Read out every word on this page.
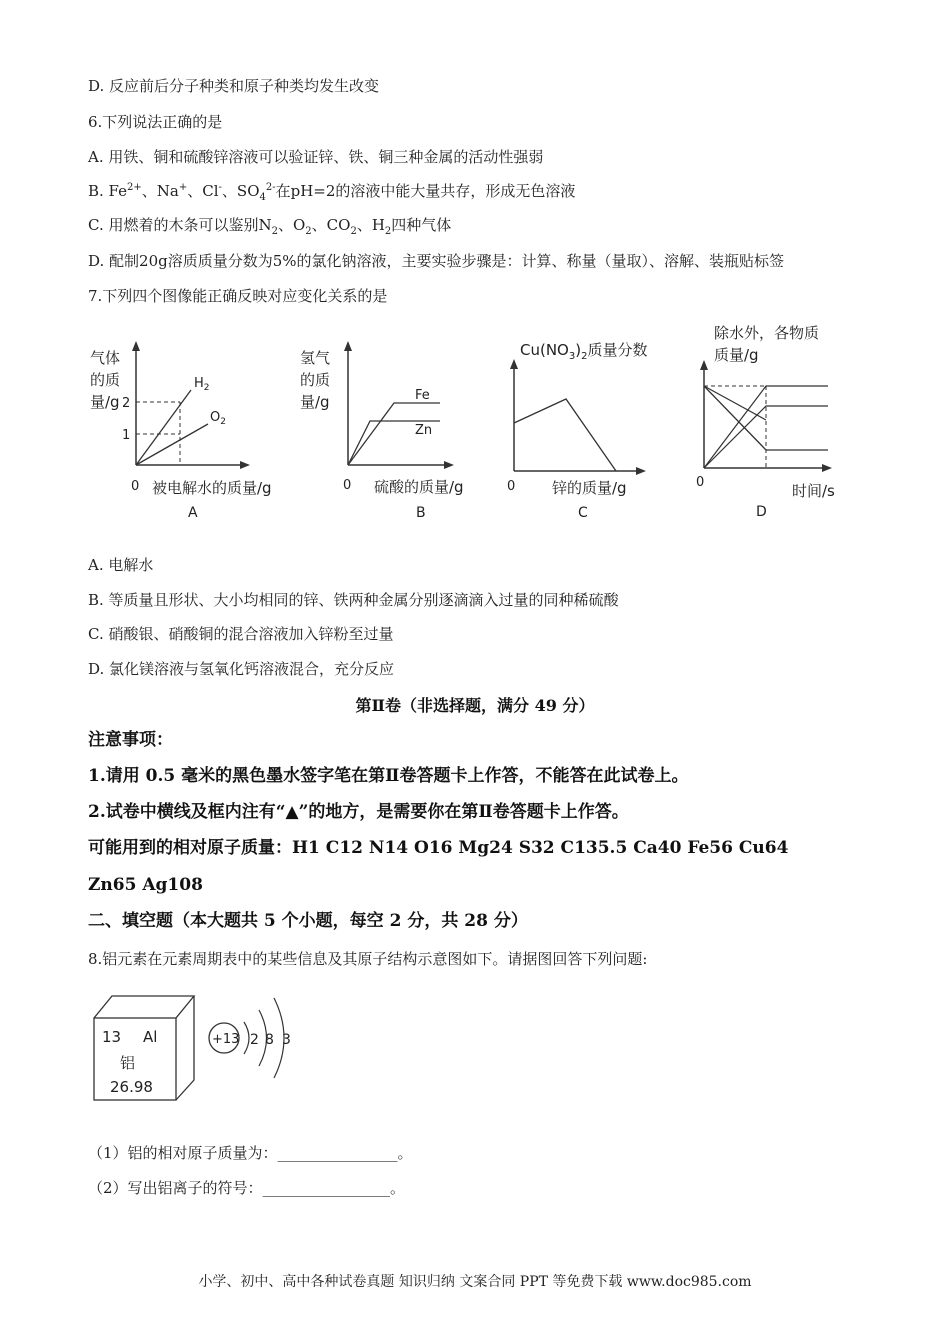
D. 反应前后分子种类和原子种类均发生改变
6.下列说法正确的是
A. 用铁、铜和硫酸锌溶液可以验证锌、铁、铜三种金属的活动性强弱
B. $Fe^{2+}$、Na+、Cl-、$SO_4^{2-}$在pH=2的溶液中能大量共存，形成无色溶液
C. 用燃着的木条可以鉴别$N_2$、$O_2$、$CO_2$、$H_2$四种气体
D. 配制20g溶质质量分数为5%的氯化钠溶液，主要实验步骤是：计算、称量（量取）、溶解、装瓶贴标签
7.下列四个图像能正确反映对应变化关系的是
气体
的质
量/g 2
1
$H_2$
$O_2$
0 被电解水的质量/g
A
氢气
的质
量/g	Fe
Zn
0 硫酸的质量/g
B
$Cu(NO_3)_2$质量分数
0 锌的质量/g
C
除水外，各物质
质量/g
0	时间/s
D
A. 电解水
B. 等质量且形状、大小均相同的锌、铁两种金属分别逐滴滴入过量的同种稀硫酸
C. 硝酸银、硝酸铜的混合溶液加入锌粉至过量
D. 氯化镁溶液与氢氧化钙溶液混合，充分反应
第Ⅱ卷（非选择题，满分 49 分）
注意事项：
1.请用 0.5 毫米的黑色墨水签字笔在第Ⅱ卷答题卡上作答，不能答在此试卷上。
2.试卷中横线及框内注有“▲”的地方，是需要你在第Ⅱ卷答题卡上作答。
可能用到的相对原子质量：H1 C12 N14 O16 Mg24 S32 C135.5 Ca40 Fe56 Cu64
Zn65 Ag108
二、填空题（本大题共 5 个小题，每空 2 分，共 28 分）
8.铝元素在元素周期表中的某些信息及其原子结构示意图如下。请据图回答下列问题:
13 Al
铝
26.98
+13 2 8 3
（1）铝的相对原子质量为：________________。
（2）写出铝离子的符号：_________________。
小学、初中、高中各种试卷真题 知识归纳 文案合同 PPT 等免费下载 www.doc985.com
